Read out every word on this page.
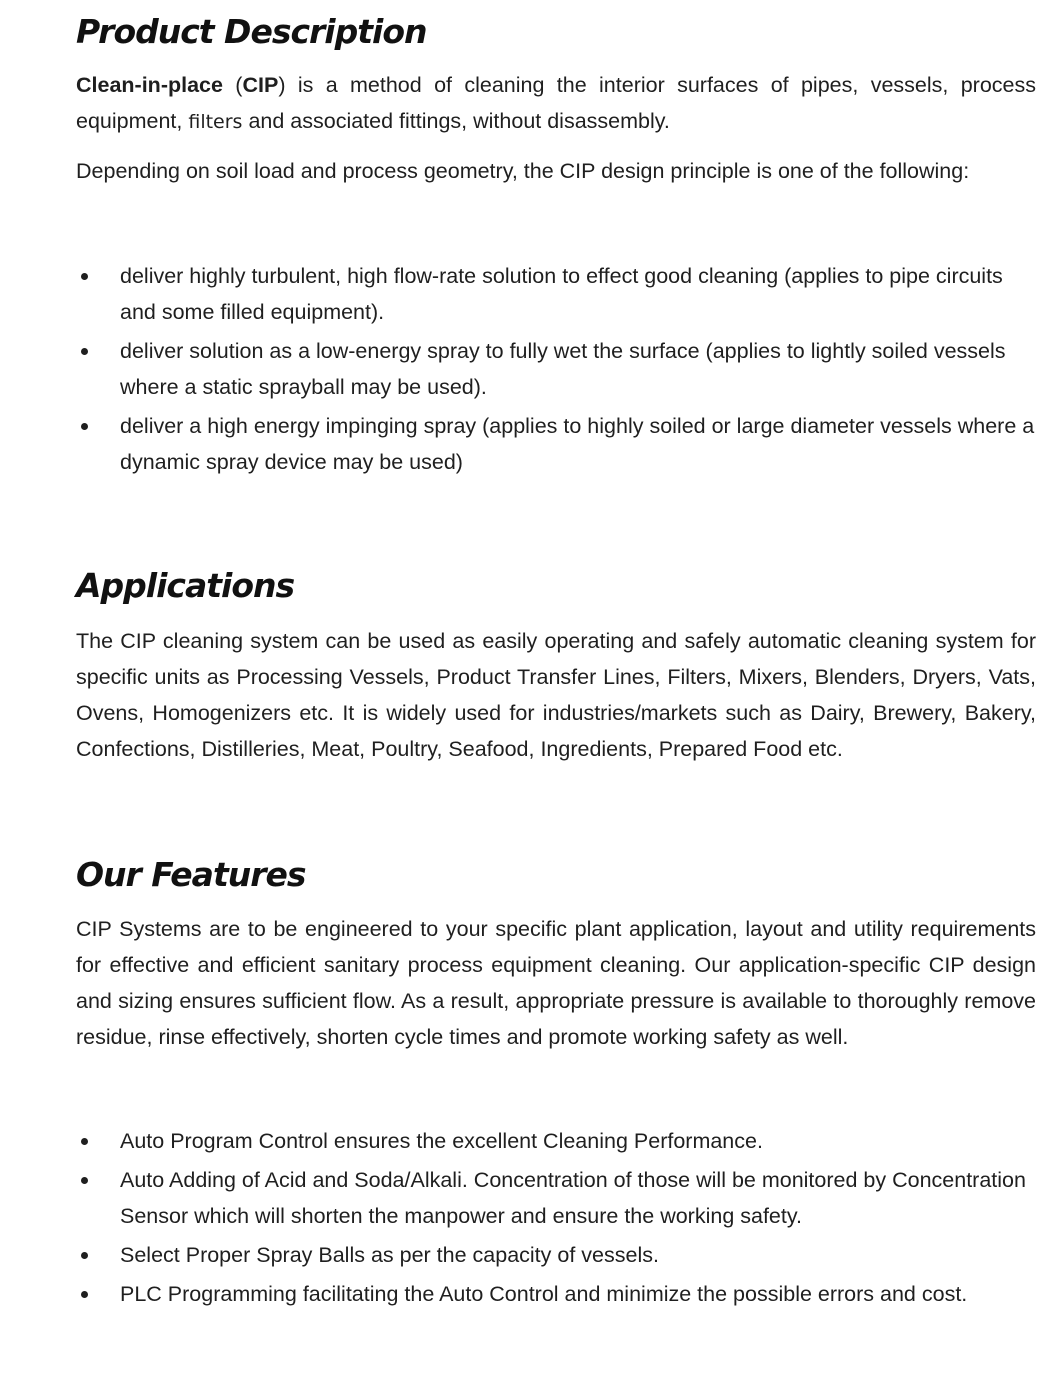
Product Description

Clean-in-place (CIP) is a method of cleaning the interior surfaces of pipes, vessels, process equipment, filters and associated fittings, without disassembly.

Depending on soil load and process geometry, the CIP design principle is one of the following:

deliver highly turbulent, high flow-rate solution to effect good cleaning (applies to pipe circuits and some filled equipment).
deliver solution as a low-energy spray to fully wet the surface (applies to lightly soiled vessels where a static sprayball may be used).
deliver a high energy impinging spray (applies to highly soiled or large diameter vessels where a dynamic spray device may be used)
Applications

The CIP cleaning system can be used as easily operating and safely automatic cleaning system for specific units as Processing Vessels, Product Transfer Lines, Filters, Mixers, Blenders, Dryers, Vats, Ovens, Homogenizers etc. It is widely used for industries/markets such as Dairy, Brewery, Bakery, Confections, Distilleries, Meat, Poultry, Seafood, Ingredients, Prepared Food etc.

Our Features

CIP Systems are to be engineered to your specific plant application, layout and utility requirements for effective and efficient sanitary process equipment cleaning. Our application-specific CIP design and sizing ensures sufficient flow. As a result, appropriate pressure is available to thoroughly remove residue, rinse effectively, shorten cycle times and promote working safety as well.

Auto Program Control ensures the excellent Cleaning Performance.
Auto Adding of Acid and Soda/Alkali. Concentration of those will be monitored by Concentration Sensor which will shorten the manpower and ensure the working safety.
Select Proper Spray Balls as per the capacity of vessels.
PLC Programming facilitating the Auto Control and minimize the possible errors and cost.
